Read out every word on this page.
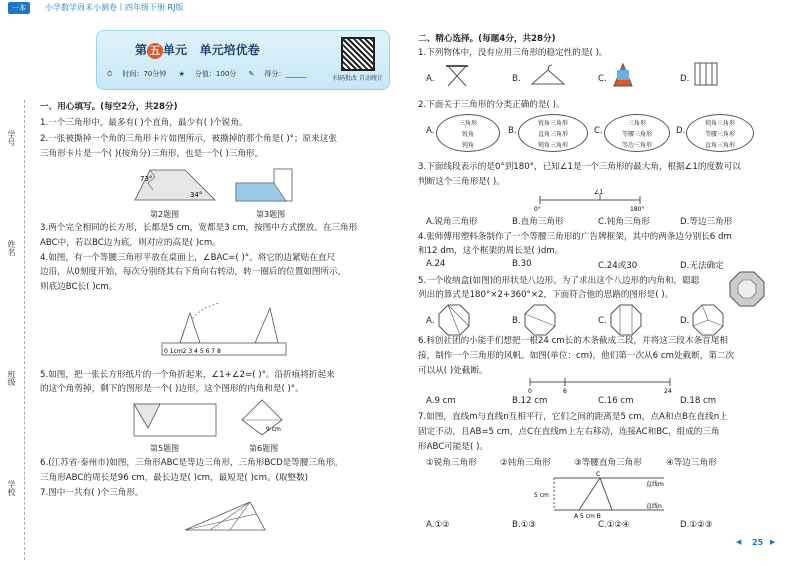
一本	小学数学周末小测卷丨四年级下册 RJ版
学号
姓名
班级
学校
第 五 单元 单元培优卷
⏱ 时间：70分钟 ★ 分值：100分 ✎ 得分：______
扫码批改 自动统计
一、用心填写。(每空2分，共28分)
1.一个三角形中，最多有( )个直角，最少有( )个锐角。
2.一张被撕掉一个角的三角形卡片如图所示，被撕掉的那个角是( )°；原来这张
三角形卡片是一个( )(按角分)三角形，也是一个( )三角形。
3.两个完全相同的长方形，长都是5 cm，宽都是3 cm，按图中方式摆放。在三角形
ABC中，若以BC边为底，则对应的高是( )cm。
4.如图，有一个等腰三角形平放在桌面上，∠BAC=( )°。将它的边紧贴在直尺
边沿，从0刻度开始，每次分别绕其右下角向右转动，转一圈后的位置如图所示，
则底边BC长( )cm。
5.如图，把一张长方形纸片的一个角折起来，∠1+∠2=( )°。沿折痕将折起来
的这个角剪掉，剩下的图形是一个( )边形，这个图形的内角和是( )°。
6.(江苏省·泰州市)如图，三角形ABC是等边三角形，三角形BCD是等腰三角形。
三角形ABC的周长是96 cm，最长边是( )cm，最短是( )cm。(取整数)
7.图中一共有( )个三角形。
73°
34°
第2题图	第3题图
0 1cm2 3 4 5 6 7 8
第5题图
9 cm
第6题图
二、精心选择。(每题4分，共28分)
1.下列物体中，没有应用三角形的稳定性的是( )。
2.下面关于三角形的分类正确的是( )。
3.下面线段表示的是0°到180°，已知∠1是一个三角形的最大角，根据∠1的度数可以
判断这个三角形是( )。
4.张师傅用塑料条制作了一个等腰三角形的广告牌框架，其中的两条边分别长6 dm
和12 dm，这个框架的周长是( )dm。
5.一个收纳盒(如图)的形状是八边形。为了求出这个八边形的内角和，聪聪
列出的算式是180°×2+360°×2，下面符合他的思路的图形是( )。
6.科创社团的小能手们想把一根24 cm长的木条截成三段，并将这三段木条首尾相
接，制作一个三角形的风帆。如图(单位：cm)，他们第一次从6 cm处截断，第二次
可以从( )处截断。
7.如图，直线m与直线n互相平行，它们之间的距离是5 cm，点A和点B在直线n上
固定不动，且AB=5 cm，点C在直线m上左右移动，连接AC和BC，组成的三角
形ABC可能是( )。
A.	B.	C.	D.
A.
三角形
锐角
钝角
B.
锐角三角形
直角三角形
钝角三角形
C.
三角形
等腰三角形
等边三角形
D.
钝角三角形
等腰三角形
直角三角形
0°	180°
∠1
A.锐角三角形	B.直角三角形	C.钝角三角形	D.等边三角形
A.24	B.30	C.24或30	D.无法确定
A.	B.	C.	D.
0	6	24
A.9 cm	B.12 cm	C.16 cm	D.18 cm
①锐角三角形	②钝角三角形	③等腰直角三角形	④等边三角形
5 cm
C
A 5 cm B
直线m
直线n
A.①②	B.①③	C.①②④	D.①②③
◀ 25 ▶
